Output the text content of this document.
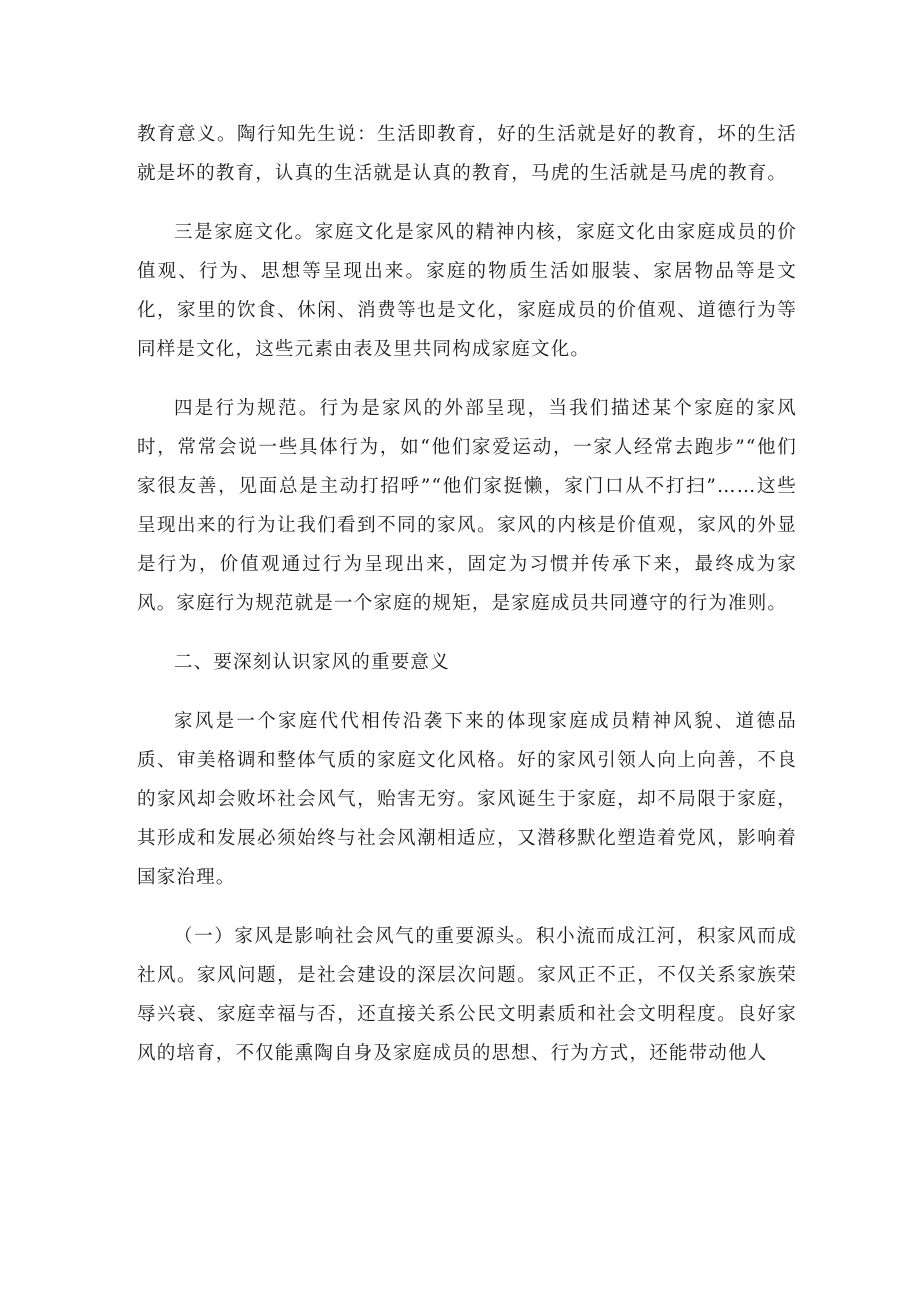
教育意义。陶行知先生说：生活即教育，好的生活就是好的教育，坏的生活就是坏的教育，认真的生活就是认真的教育，马虎的生活就是马虎的教育。

三是家庭文化。家庭文化是家风的精神内核，家庭文化由家庭成员的价值观、行为、思想等呈现出来。家庭的物质生活如服装、家居物品等是文化，家里的饮食、休闲、消费等也是文化，家庭成员的价值观、道德行为等同样是文化，这些元素由表及里共同构成家庭文化。

四是行为规范。行为是家风的外部呈现，当我们描述某个家庭的家风时，常常会说一些具体行为，如“他们家爱运动，一家人经常去跑步”“他们家很友善，见面总是主动打招呼”“他们家挺懒，家门口从不打扫”……这些呈现出来的行为让我们看到不同的家风。家风的内核是价值观，家风的外显是行为，价值观通过行为呈现出来，固定为习惯并传承下来，最终成为家风。家庭行为规范就是一个家庭的规矩，是家庭成员共同遵守的行为准则。

二、要深刻认识家风的重要意义

家风是一个家庭代代相传沿袭下来的体现家庭成员精神风貌、道德品质、审美格调和整体气质的家庭文化风格。好的家风引领人向上向善，不良的家风却会败坏社会风气，贻害无穷。家风诞生于家庭，却不局限于家庭，其形成和发展必须始终与社会风潮相适应，又潜移默化塑造着党风，影响着国家治理。

（一）家风是影响社会风气的重要源头。积小流而成江河，积家风而成社风。家风问题，是社会建设的深层次问题。家风正不正，不仅关系家族荣辱兴衰、家庭幸福与否，还直接关系公民文明素质和社会文明程度。良好家风的培育，不仅能熏陶自身及家庭成员的思想、行为方式，还能带动他人
